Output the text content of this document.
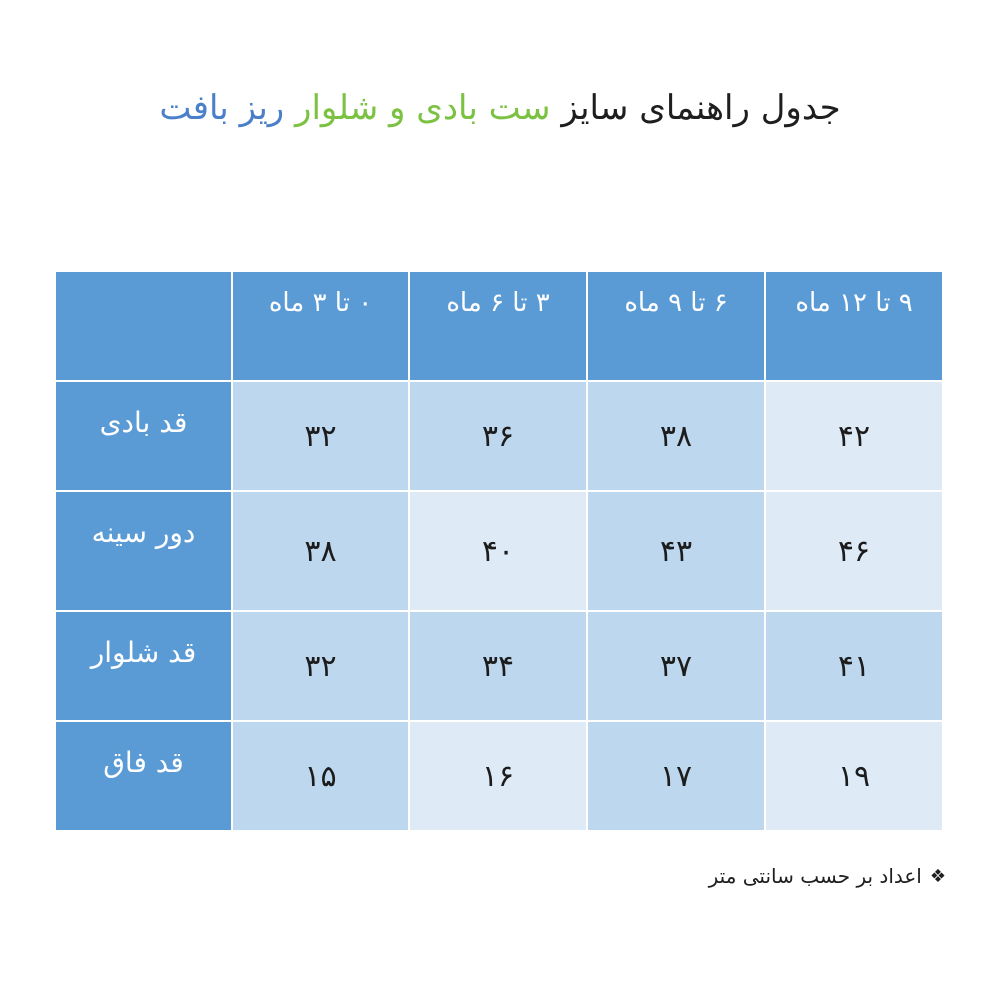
جدول راهنمای سایز ست بادی و شلوار ریز بافت
۹ تا ۱۲ ماه	۶ تا ۹ ماه	۳ تا ۶ ماه	۰ تا ۳ ماه	
۴۲	۳۸	۳۶	۳۲	قد بادی
۴۶	۴۳	۴۰	۳۸	دور سینه
۴۱	۳۷	۳۴	۳۲	قد شلوار
۱۹	۱۷	۱۶	۱۵	قد فاق
❖
اعداد بر حسب سانتی متر
